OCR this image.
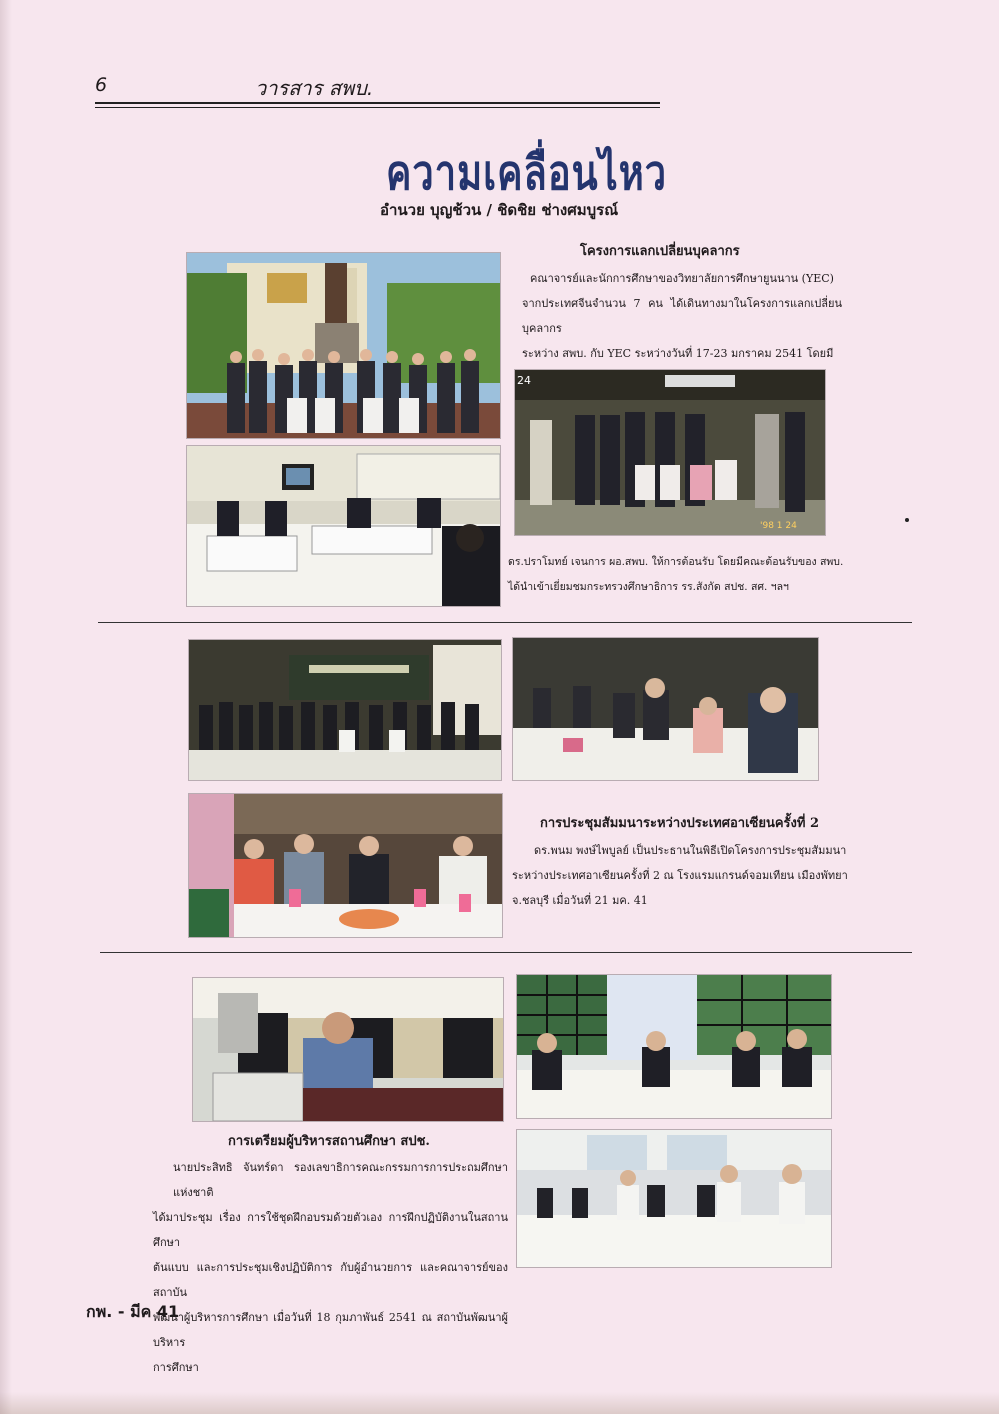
6	วารสาร สพบ.
ความเคลื่อนไหว
อำนวย บุญช้วน / ชิดชิย ช่างศมบูรณ์
โครงการแลกเปลี่ยนบุคลากร
คณาจารย์และนักการศึกษาของวิทยาลัยการศึกษายูนนาน (YEC)
จากประเทศจีนจำนวน 7 คน ได้เดินทางมาในโครงการแลกเปลี่ยนบุคลากร
ระหว่าง สพบ. กับ YEC ระหว่างวันที่ 17-23 มกราคม 2541 โดยมี
24
'98 1 24
ดร.ปราโมทย์ เจนการ ผอ.สพบ. ให้การต้อนรับ โดยมีคณะต้อนรับของ สพบ.
ได้นำเข้าเยี่ยมชมกระทรวงศึกษาธิการ รร.สังกัด สปช. สศ. ฯลฯ
การประชุมสัมมนาระหว่างประเทศอาเซียนครั้งที่ 2
ดร.พนม พงษ์ไพบูลย์ เป็นประธานในพิธีเปิดโครงการประชุมสัมมนา
ระหว่างประเทศอาเซียนครั้งที่ 2 ณ โรงแรมแกรนด์จอมเทียน เมืองพัทยา
จ.ชลบุรี เมื่อวันที่ 21 มค. 41
การเตรียมผู้บริหารสถานศึกษา สปช.
นายประสิทธิ จันทร์ดา รองเลขาธิการคณะกรรมการการประถมศึกษาแห่งชาติ
ได้มาประชุม เรื่อง การใช้ชุดฝึกอบรมด้วยตัวเอง การฝึกปฏิบัติงานในสถานศึกษา
ต้นแบบ และการประชุมเชิงปฏิบัติการ กับผู้อำนวยการ และคณาจารย์ของสถาบัน
พัฒนาผู้บริหารการศึกษา เมื่อวันที่ 18 กุมภาพันธ์ 2541 ณ สถาบันพัฒนาผู้บริหาร
การศึกษา
กพ. - มีค 41
